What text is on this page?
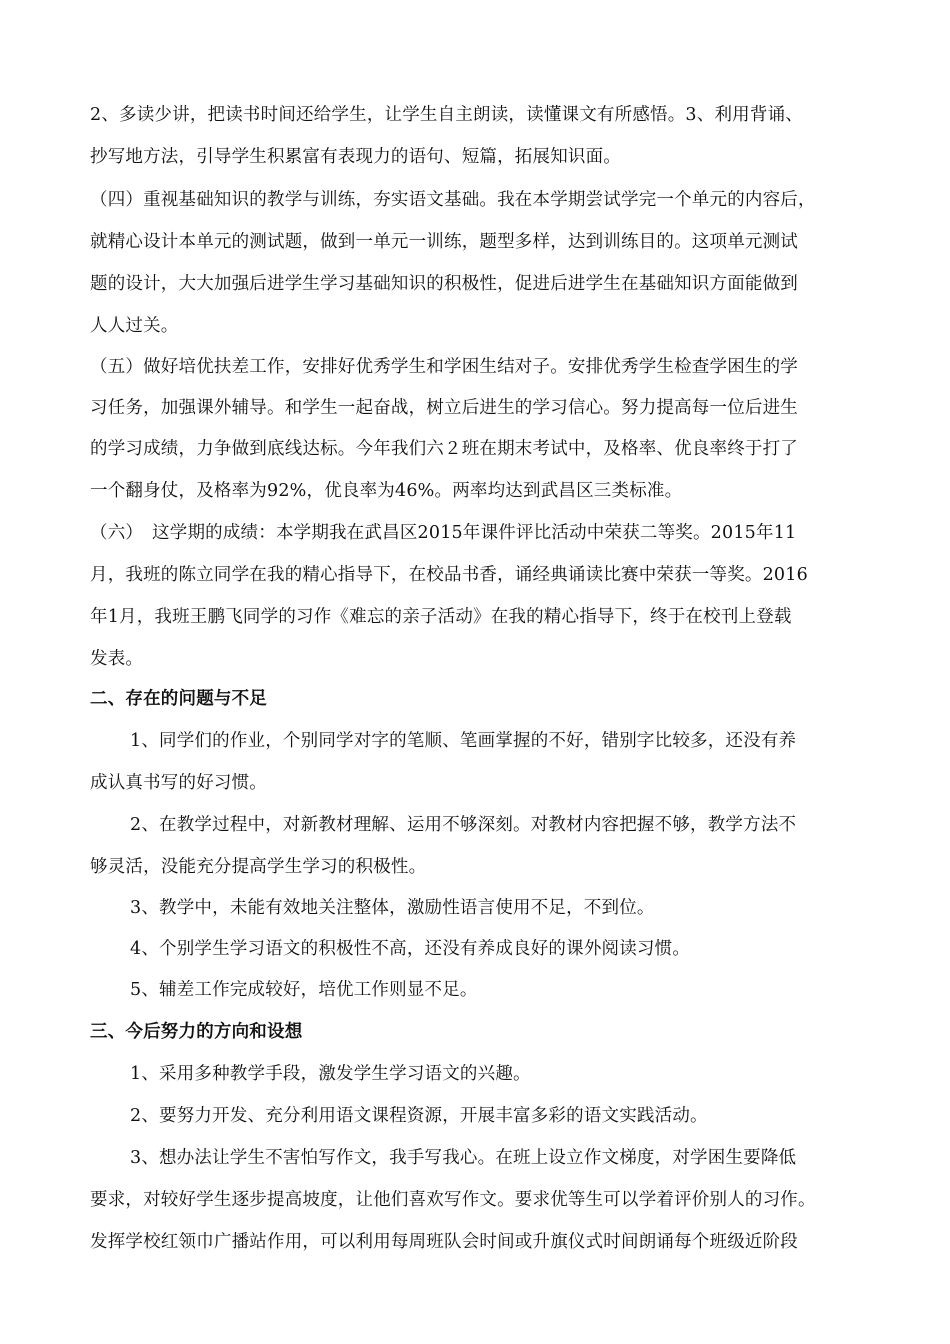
2、多读少讲，把读书时间还给学生，让学生自主朗读，读懂课文有所感悟。3、利用背诵、
抄写地方法，引导学生积累富有表现力的语句、短篇，拓展知识面。
（四）重视基础知识的教学与训练，夯实语文基础。我在本学期尝试学完一个单元的内容后，
就精心设计本单元的测试题，做到一单元一训练，题型多样，达到训练目的。这项单元测试
题的设计，大大加强后进学生学习基础知识的积极性，促进后进学生在基础知识方面能做到
人人过关。
（五）做好培优扶差工作，安排好优秀学生和学困生结对子。安排优秀学生检查学困生的学
习任务，加强课外辅导。和学生一起奋战，树立后进生的学习信心。努力提高每一位后进生
的学习成绩，力争做到底线达标。今年我们六２班在期末考试中，及格率、优良率终于打了
一个翻身仗，及格率为92%，优良率为46%。两率均达到武昌区三类标准。
（六）　这学期的成绩：本学期我在武昌区2015年课件评比活动中荣获二等奖。2015年11
月，我班的陈立同学在我的精心指导下，在校品书香，诵经典诵读比赛中荣获一等奖。2016
年1月，我班王鹏飞同学的习作《难忘的亲子活动》在我的精心指导下，终于在校刊上登载
发表。
二、存在的问题与不足
1、同学们的作业，个别同学对字的笔顺、笔画掌握的不好，错别字比较多，还没有养
成认真书写的好习惯。
2、在教学过程中，对新教材理解、运用不够深刻。对教材内容把握不够，教学方法不
够灵活，没能充分提高学生学习的积极性。
3、教学中，未能有效地关注整体，激励性语言使用不足，不到位。
4、个别学生学习语文的积极性不高，还没有养成良好的课外阅读习惯。
5、辅差工作完成较好，培优工作则显不足。
三、今后努力的方向和设想
1、采用多种教学手段，激发学生学习语文的兴趣。
2、要努力开发、充分利用语文课程资源，开展丰富多彩的语文实践活动。
3、想办法让学生不害怕写作文，我手写我心。在班上设立作文梯度，对学困生要降低
要求，对较好学生逐步提高坡度，让他们喜欢写作文。要求优等生可以学着评价别人的习作。
发挥学校红领巾广播站作用，可以利用每周班队会时间或升旗仪式时间朗诵每个班级近阶段
